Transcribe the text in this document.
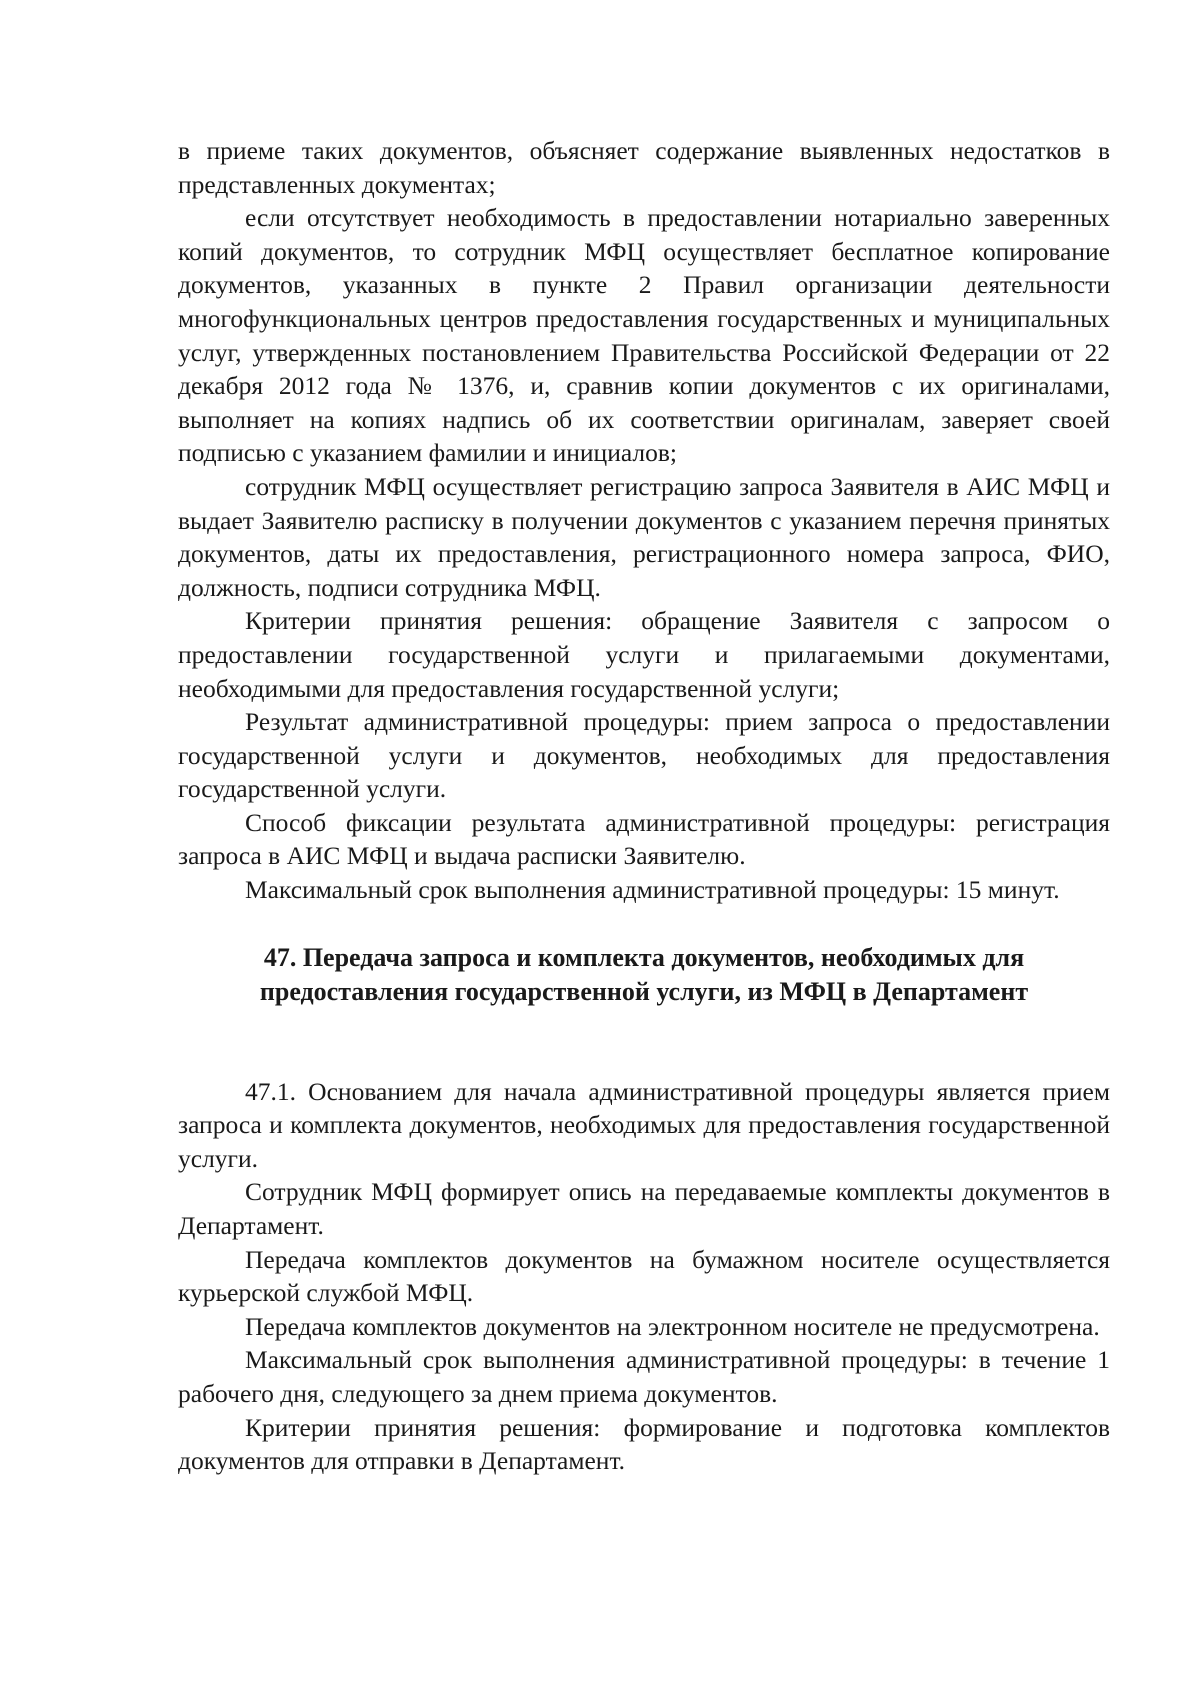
в приеме таких документов, объясняет содержание выявленных недостатков в представленных документах;

если отсутствует необходимость в предоставлении нотариально заверенных копий документов, то сотрудник МФЦ осуществляет бесплатное копирование документов, указанных в пункте 2 Правил организации деятельности многофункциональных центров предоставления государственных и муниципальных услуг, утвержденных постановлением Правительства Российской Федерации от 22 декабря 2012 года № 1376, и, сравнив копии документов с их оригиналами, выполняет на копиях надпись об их соответствии оригиналам, заверяет своей подписью с указанием фамилии и инициалов;

сотрудник МФЦ осуществляет регистрацию запроса Заявителя в АИС МФЦ и выдает Заявителю расписку в получении документов с указанием перечня принятых документов, даты их предоставления, регистрационного номера запроса, ФИО, должность, подписи сотрудника МФЦ.

Критерии принятия решения: обращение Заявителя с запросом о предоставлении государственной услуги и прилагаемыми документами, необходимыми для предоставления государственной услуги;

Результат административной процедуры: прием запроса о предоставлении государственной услуги и документов, необходимых для предоставления государственной услуги.

Способ фиксации результата административной процедуры: регистрация запроса в АИС МФЦ и выдача расписки Заявителю.

Максимальный срок выполнения административной процедуры: 15 минут.

47. Передача запроса и комплекта документов, необходимых для предоставления государственной услуги, из МФЦ в Департамент

47.1. Основанием для начала административной процедуры является прием запроса и комплекта документов, необходимых для предоставления государственной услуги.

Сотрудник МФЦ формирует опись на передаваемые комплекты документов в Департамент.

Передача комплектов документов на бумажном носителе осуществляется курьерской службой МФЦ.

Передача комплектов документов на электронном носителе не предусмотрена.

Максимальный срок выполнения административной процедуры: в течение 1 рабочего дня, следующего за днем приема документов.

Критерии принятия решения: формирование и подготовка комплектов документов для отправки в Департамент.
